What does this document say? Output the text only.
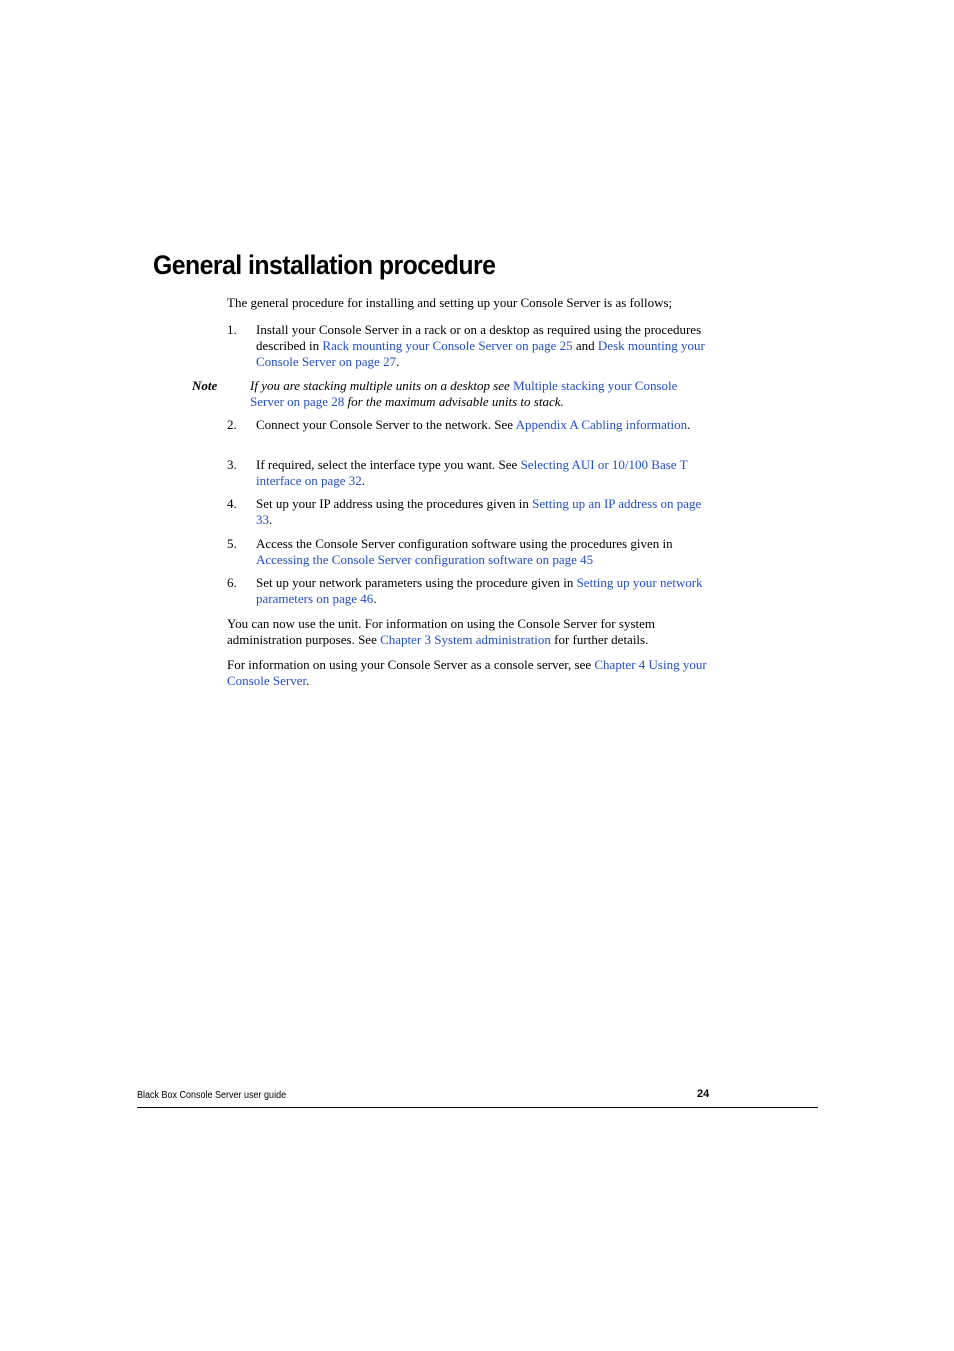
General installation procedure

The general procedure for installing and setting up your Console Server is as follows;

1. Install your Console Server in a rack or on a desktop as required using the procedures described in Rack mounting your Console Server on page 25 and Desk mounting your Console Server on page 27.

Note	If you are stacking multiple units on a desktop see Multiple stacking your Console Server on page 28 for the maximum advisable units to stack.

2. Connect your Console Server to the network. See Appendix A Cabling information.

3. If required, select the interface type you want. See Selecting AUI or 10/100 Base T interface on page 32.

4. Set up your IP address using the procedures given in Setting up an IP address on page 33.

5. Access the Console Server configuration software using the procedures given in Accessing the Console Server configuration software on page 45

6. Set up your network parameters using the procedure given in Setting up your network parameters on page 46.

You can now use the unit. For information on using the Console Server for system administration purposes. See Chapter 3 System administration for further details.

For information on using your Console Server as a console server, see Chapter 4 Using your Console Server.

Black Box Console Server user guide	24
